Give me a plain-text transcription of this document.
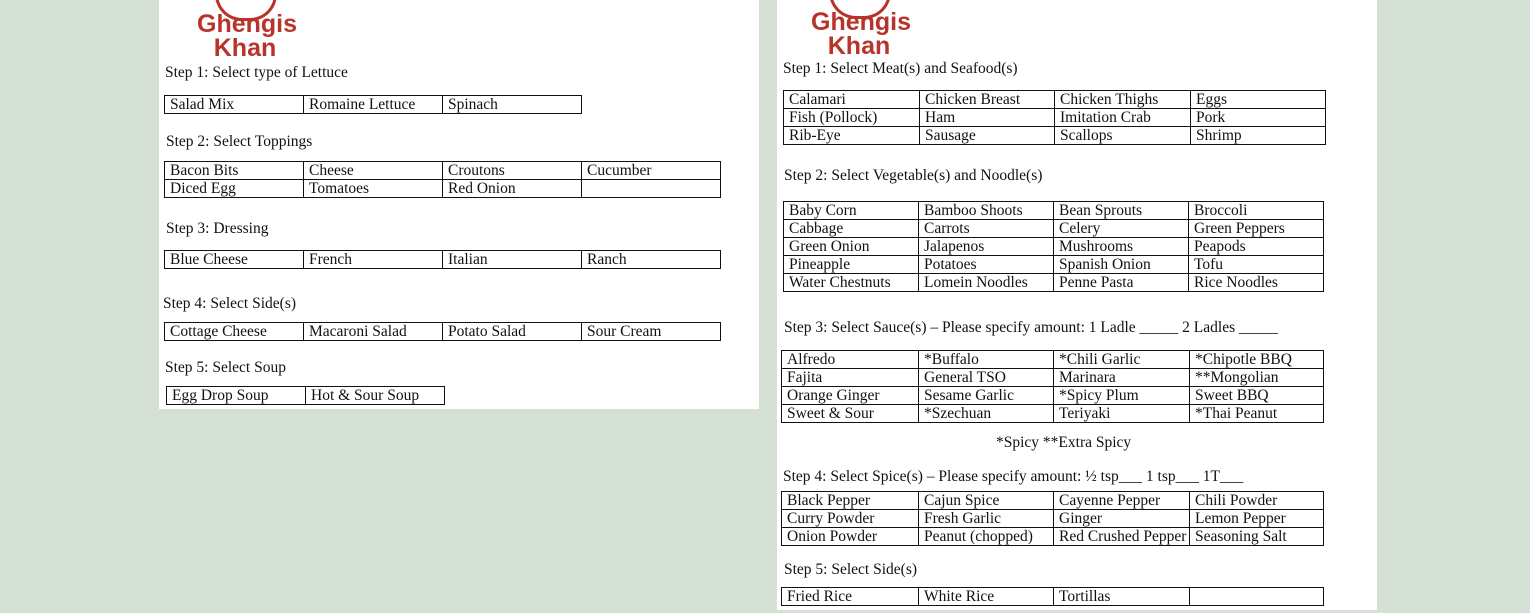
Ghengis
Khan
Step 1: Select type of Lettuce
Salad Mix	Romaine Lettuce	Spinach
Step 2: Select Toppings
Bacon Bits	Cheese	Croutons	Cucumber
Diced Egg	Tomatoes	Red Onion	
Step 3: Dressing
Blue Cheese	French	Italian	Ranch
Step 4: Select Side(s)
Cottage Cheese	Macaroni Salad	Potato Salad	Sour Cream
Step 5: Select Soup
Egg Drop Soup	Hot & Sour Soup
Ghengis
Khan
Step 1: Select Meat(s) and Seafood(s)
Calamari	Chicken Breast	Chicken Thighs	Eggs
Fish (Pollock)	Ham	Imitation Crab	Pork
Rib-Eye	Sausage	Scallops	Shrimp
Step 2: Select Vegetable(s) and Noodle(s)
Baby Corn	Bamboo Shoots	Bean Sprouts	Broccoli
Cabbage	Carrots	Celery	Green Peppers
Green Onion	Jalapenos	Mushrooms	Peapods
Pineapple	Potatoes	Spanish Onion	Tofu
Water Chestnuts	Lomein Noodles	Penne Pasta	Rice Noodles
Step 3: Select Sauce(s) – Please specify amount: 1 Ladle _____ 2 Ladles _____
Alfredo	*Buffalo	*Chili Garlic	*Chipotle BBQ
Fajita	General TSO	Marinara	**Mongolian
Orange Ginger	Sesame Garlic	*Spicy Plum	Sweet BBQ
Sweet & Sour	*Szechuan	Teriyaki	*Thai Peanut
*Spicy **Extra Spicy
Step 4: Select Spice(s) – Please specify amount: ½ tsp___ 1 tsp___ 1T___
Black Pepper	Cajun Spice	Cayenne Pepper	Chili Powder
Curry Powder	Fresh Garlic	Ginger	Lemon Pepper
Onion Powder	Peanut (chopped)	Red Crushed Pepper	Seasoning Salt
Step 5: Select Side(s)
Fried Rice	White Rice	Tortillas	
